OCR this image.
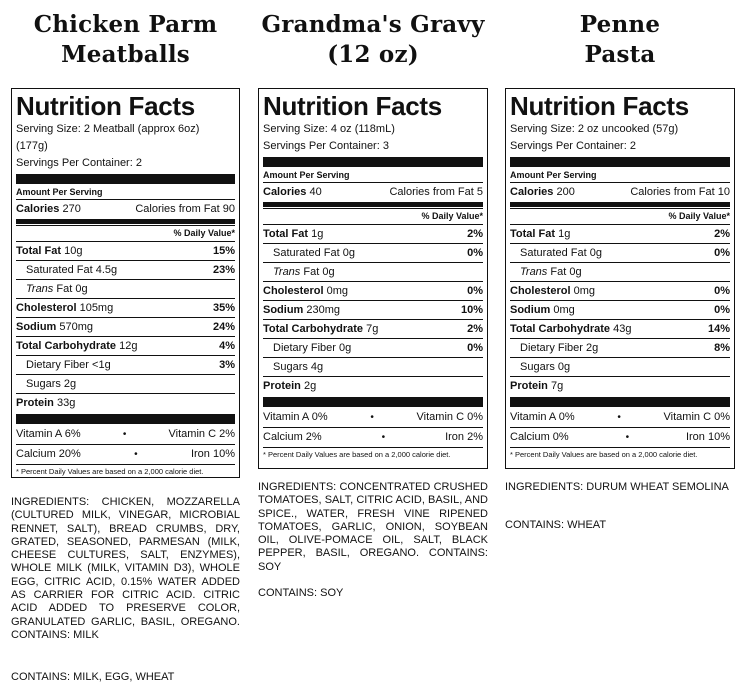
Chicken Parm
Meatballs
Nutrition Facts
Serving Size: 2 Meatball (approx 6oz)
(177g)
Servings Per Container: 2
Amount Per Serving
Calories 270	Calories from Fat 90
% Daily Value*
Total Fat 10g	15%
Saturated Fat 4.5g	23%
Trans Fat 0g
Cholesterol 105mg	35%
Sodium 570mg	24%
Total Carbohydrate 12g	4%
Dietary Fiber <1g	3%
Sugars 2g
Protein 33g
Vitamin A 6%	•	Vitamin C 2%
Calcium 20%	•	Iron 10%
* Percent Daily Values are based on a 2,000 calorie diet.
INGREDIENTS: CHICKEN, MOZZARELLA (CULTURED MILK, VINEGAR, MICROBIAL RENNET, SALT), BREAD CRUMBS, DRY, GRATED, SEASONED, PARMESAN (MILK, CHEESE CULTURES, SALT, ENZYMES), WHOLE MILK (MILK, VITAMIN D3), WHOLE EGG, CITRIC ACID, 0.15% WATER ADDED AS CARRIER FOR CITRIC ACID. CITRIC ACID ADDED TO PRESERVE COLOR, GRANULATED GARLIC, BASIL, OREGANO. CONTAINS: MILK
CONTAINS: MILK, EGG, WHEAT
Grandma's Gravy
(12 oz)
Nutrition Facts
Serving Size: 4 oz (118mL)
Servings Per Container: 3
Amount Per Serving
Calories 40	Calories from Fat 5
% Daily Value*
Total Fat 1g	2%
Saturated Fat 0g	0%
Trans Fat 0g
Cholesterol 0mg	0%
Sodium 230mg	10%
Total Carbohydrate 7g	2%
Dietary Fiber 0g	0%
Sugars 4g
Protein 2g
Vitamin A 0%	•	Vitamin C 0%
Calcium 2%	•	Iron 2%
* Percent Daily Values are based on a 2,000 calorie diet.
INGREDIENTS: CONCENTRATED CRUSHED TOMATOES, SALT, CITRIC ACID, BASIL, AND SPICE., WATER, FRESH VINE RIPENED TOMATOES, GARLIC, ONION, SOYBEAN OIL, OLIVE-POMACE OIL, SALT, BLACK PEPPER, BASIL, OREGANO. CONTAINS: SOY
CONTAINS: SOY
Penne
Pasta
Nutrition Facts
Serving Size: 2 oz uncooked (57g)
Servings Per Container: 2
Amount Per Serving
Calories 200	Calories from Fat 10
% Daily Value*
Total Fat 1g	2%
Saturated Fat 0g	0%
Trans Fat 0g
Cholesterol 0mg	0%
Sodium 0mg	0%
Total Carbohydrate 43g	14%
Dietary Fiber 2g	8%
Sugars 0g
Protein 7g
Vitamin A 0%	•	Vitamin C 0%
Calcium 0%	•	Iron 10%
* Percent Daily Values are based on a 2,000 calorie diet.
INGREDIENTS: DURUM WHEAT SEMOLINA
CONTAINS: WHEAT
